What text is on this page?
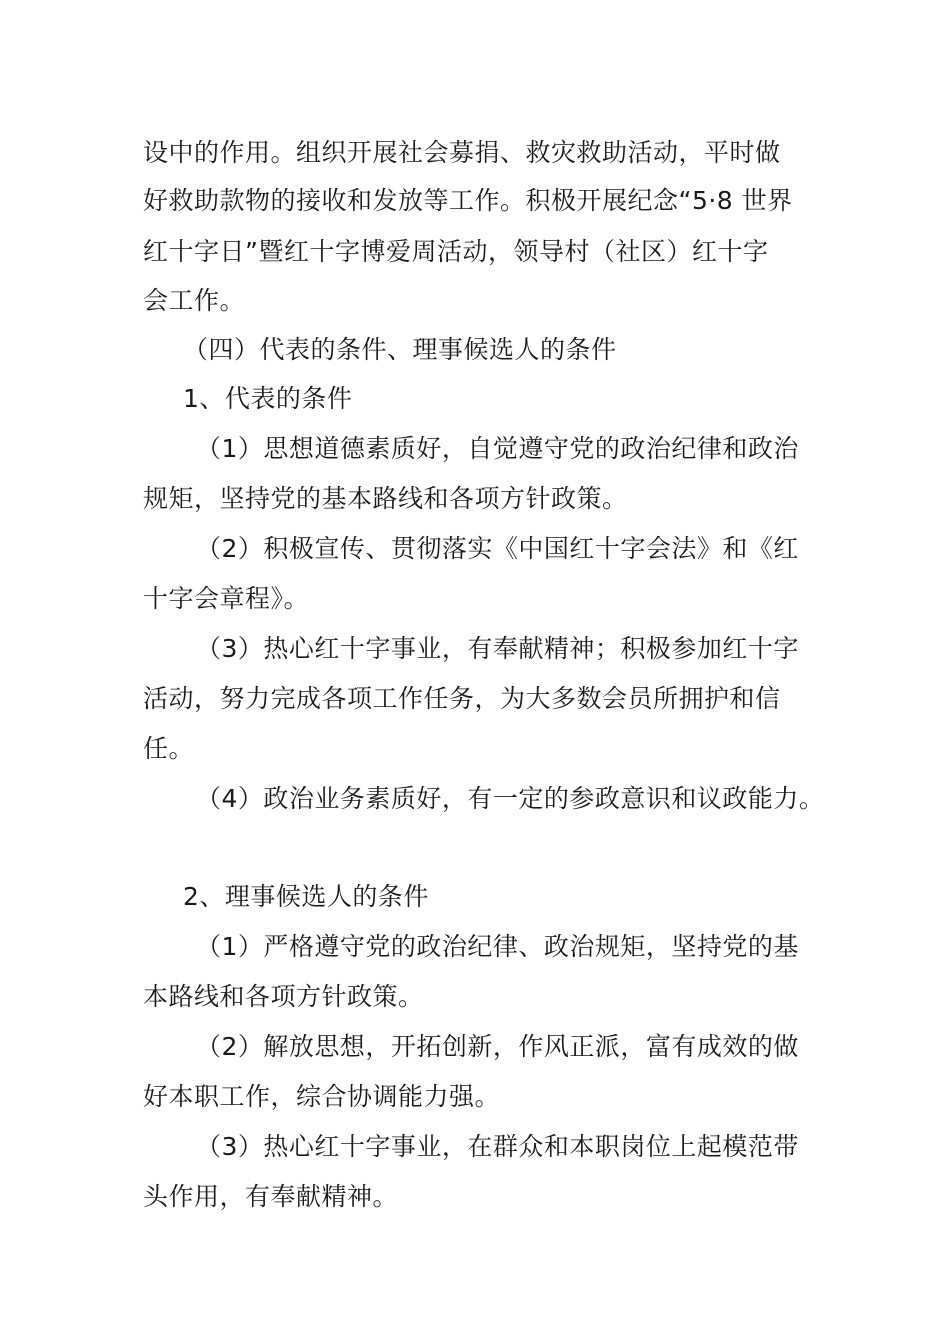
设中的作用。组织开展社会募捐、救灾救助活动，平时做
好救助款物的接收和发放等工作。积极开展纪念“5·8 世界
红十字日”暨红十字博爱周活动，领导村（社区）红十字
会工作。
（四）代表的条件、理事候选人的条件
1、代表的条件
（1）思想道德素质好，自觉遵守党的政治纪律和政治
规矩，坚持党的基本路线和各项方针政策。
（2）积极宣传、贯彻落实《中国红十字会法》和《红
十字会章程》。
（3）热心红十字事业，有奉献精神；积极参加红十字
活动，努力完成各项工作任务，为大多数会员所拥护和信
任。
（4）政治业务素质好，有一定的参政意识和议政能力。
2、理事候选人的条件
（1）严格遵守党的政治纪律、政治规矩，坚持党的基
本路线和各项方针政策。
（2）解放思想，开拓创新，作风正派，富有成效的做
好本职工作，综合协调能力强。
（3）热心红十字事业，在群众和本职岗位上起模范带
头作用，有奉献精神。
